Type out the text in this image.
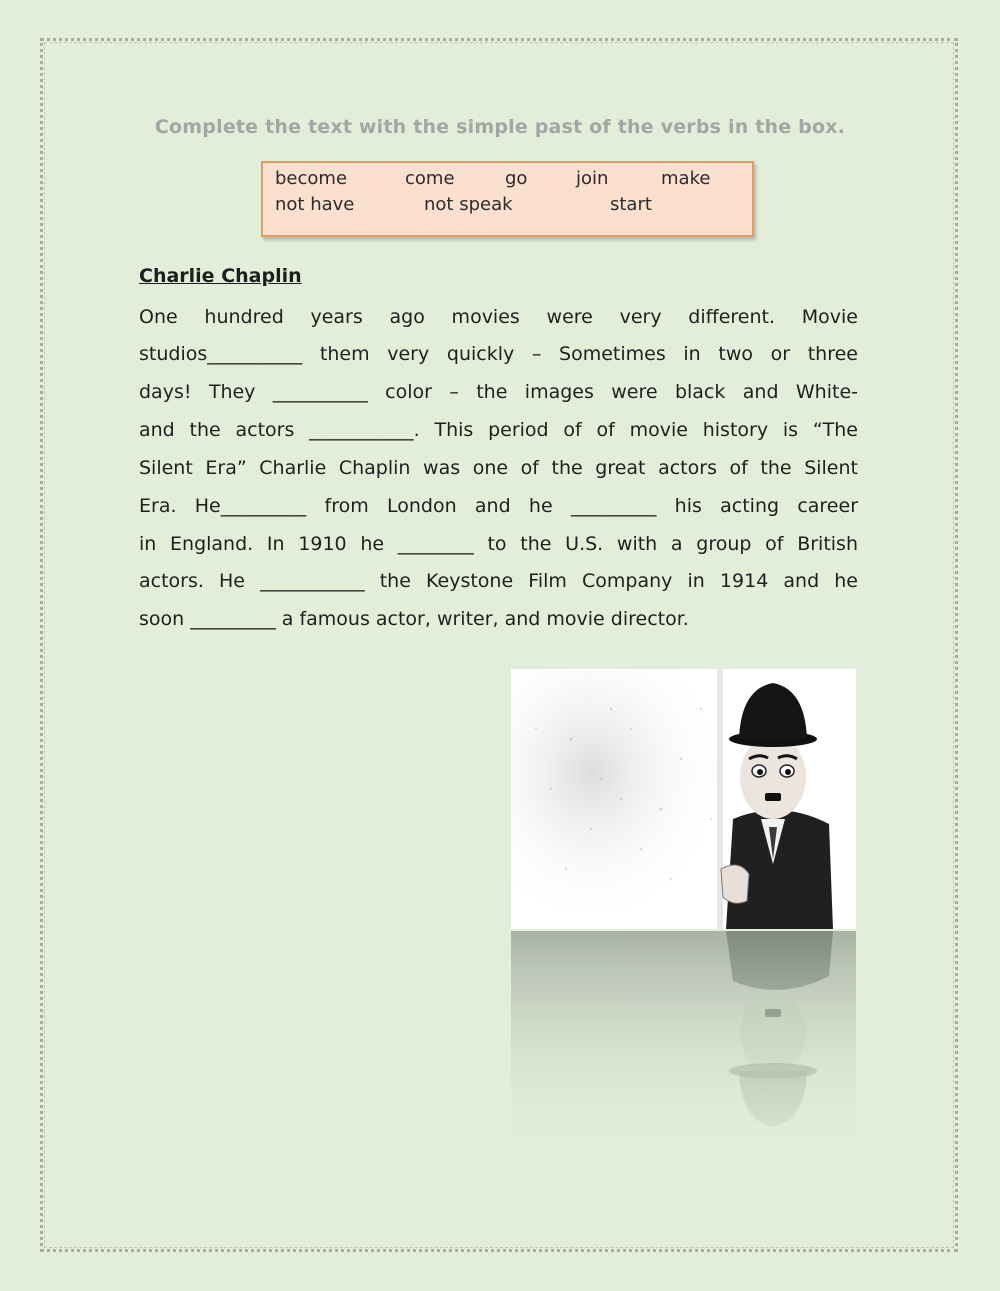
Complete the text with the simple past of the verbs in the box.
become	come	go	join	make
not have	not speak	start
Charlie Chaplin
One hundred years ago movies were very different. Movie
studios__________ them very quickly – Sometimes in two or three
days! They __________ color – the images were black and White-
and the actors ___________. This period of of movie history is “The
Silent Era” Charlie Chaplin was one of the great actors of the Silent
Era. He_________ from London and he _________ his acting career
in England. In 1910 he ________ to the U.S. with a group of British
actors. He ___________ the Keystone Film Company in 1914 and he
soon _________ a famous actor, writer, and movie director.
